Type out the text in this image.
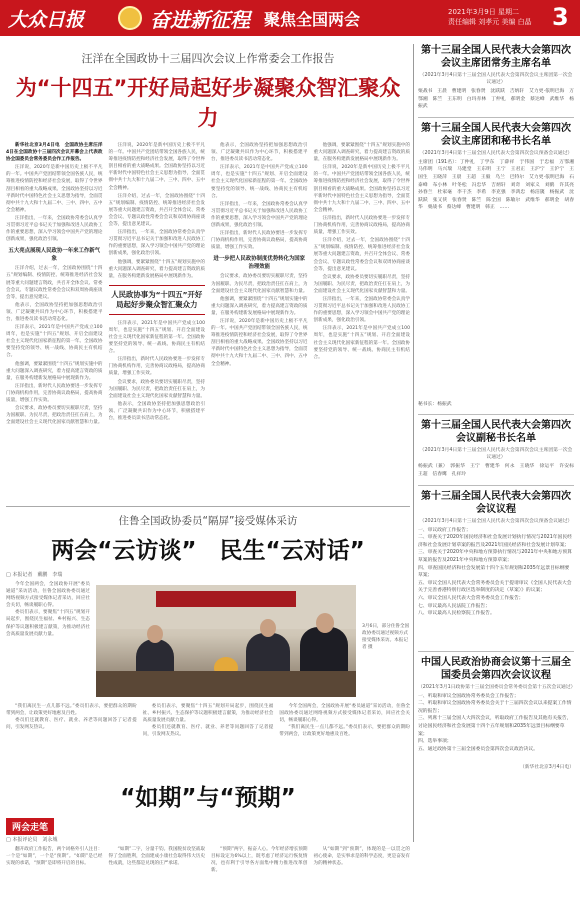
大众日报	奋进新征程 聚焦全国两会	2021年3月9日 星期二
责任编辑 刘孝元 美编 白晶 3
汪洋在全国政协十三届四次会议上作常委会工作报告
为“十四五”开好局起好步凝聚众智汇聚众力

新华社北京3月4日电　全国政协主席汪洋4日在全国政协十三届四次会议开幕会上代表政协全国委员会常务委员会作工作报告。

汪洋说，2020年是新中国历史上极不平凡的一年。中国共产党团结带领全国各族人民，统筹推进疫情防控和经济社会发展，取得了令世界刮目相看的重大战略成果。全国政协坚持以习近平新时代中国特色社会主义思想为指导，全面贯彻中共十九大和十九届二中、三中、四中、五中全会精神。

汪洋指出，一年来，全国政协常委会认真学习贯彻习近平总书记关于加强和改进人民政协工作的重要思想，深入学习领会中国共产党的理论创新成果，强化政治引领。

五大亮点展现人民政协一年来工作新气象

汪洋介绍，过去一年，全国政协围绕“十四五”规划编制、疫情防控、统筹推进经济社会发展等重大问题建言资政，共召开全体会议、常委会会议、专题议政性常委会会议和双周协商座谈会等，提出意见建议。

他表示，全国政协坚持把加强思想政治引领、广泛凝聚共识作为中心环节，积极搭建平台，推进委员读书活动常态化。

汪洋表示，2021年是中国共产党成立100周年，也是实施“十四五”规划、开启全面建设社会主义现代化国家新征程的第一年。全国政协要坚持党的领导、统一战线、协商民主有机结合。

他强调，要紧紧围绕“十四五”规划实施中的重大问题深入调查研究，着力提高建言资政的质量，在服务构建新发展格局中展现新作为。

汪洋指出，新时代人民政协要进一步发挥专门协商机构作用，完善协商议政格局，提高协商质量，增强工作实效。

会议要求，政协委员要切实履职尽责，坚持为国履职、为民尽责，把政治责任扛在肩上，为全面建设社会主义现代化国家贡献智慧和力量。

汪洋说，2020年是新中国历史上极不平凡的一年。中国共产党团结带领全国各族人民，统筹推进疫情防控和经济社会发展，取得了令世界刮目相看的重大战略成果。全国政协坚持以习近平新时代中国特色社会主义思想为指导，全面贯彻中共十九大和十九届二中、三中、四中、五中全会精神。

汪洋介绍，过去一年，全国政协围绕“十四五”规划编制、疫情防控、统筹推进经济社会发展等重大问题建言资政，共召开全体会议、常委会会议、专题议政性常委会会议和双周协商座谈会等，提出意见建议。

汪洋指出，一年来，全国政协常委会认真学习贯彻习近平总书记关于加强和改进人民政协工作的重要思想，深入学习领会中国共产党的理论创新成果，强化政治引领。

他强调，要紧紧围绕“十四五”规划实施中的重大问题深入调查研究，着力提高建言资政的质量，在服务构建新发展格局中展现新作为。

人民政协事为“十四五”开好局起好步聚众智汇聚众力

汪洋表示，2021年是中国共产党成立100周年，也是实施“十四五”规划、开启全面建设社会主义现代化国家新征程的第一年。全国政协要坚持党的领导、统一战线、协商民主有机结合。

汪洋指出，新时代人民政协要进一步发挥专门协商机构作用，完善协商议政格局，提高协商质量，增强工作实效。

会议要求，政协委员要切实履职尽责，坚持为国履职、为民尽责，把政治责任扛在肩上，为全面建设社会主义现代化国家贡献智慧和力量。

他表示，全国政协坚持把加强思想政治引领、广泛凝聚共识作为中心环节，积极搭建平台，推进委员读书活动常态化。

他表示，全国政协坚持把加强思想政治引领、广泛凝聚共识作为中心环节，积极搭建平台，推进委员读书活动常态化。

汪洋表示，2021年是中国共产党成立100周年，也是实施“十四五”规划、开启全面建设社会主义现代化国家新征程的第一年。全国政协要坚持党的领导、统一战线、协商民主有机结合。

汪洋指出，一年来，全国政协常委会认真学习贯彻习近平总书记关于加强和改进人民政协工作的重要思想，深入学习领会中国共产党的理论创新成果，强化政治引领。

汪洋指出，新时代人民政协要进一步发挥专门协商机构作用，完善协商议政格局，提高协商质量，增强工作实效。

进一步把人民政协制度优势转化为国家治理效能

会议要求，政协委员要切实履职尽责，坚持为国履职、为民尽责，把政治责任扛在肩上，为全面建设社会主义现代化国家贡献智慧和力量。

他强调，要紧紧围绕“十四五”规划实施中的重大问题深入调查研究，着力提高建言资政的质量，在服务构建新发展格局中展现新作为。

汪洋说，2020年是新中国历史上极不平凡的一年。中国共产党团结带领全国各族人民，统筹推进疫情防控和经济社会发展，取得了令世界刮目相看的重大战略成果。全国政协坚持以习近平新时代中国特色社会主义思想为指导，全面贯彻中共十九大和十九届二中、三中、四中、五中全会精神。

他强调，要紧紧围绕“十四五”规划实施中的重大问题深入调查研究，着力提高建言资政的质量，在服务构建新发展格局中展现新作为。

汪洋说，2020年是新中国历史上极不平凡的一年。中国共产党团结带领全国各族人民，统筹推进疫情防控和经济社会发展，取得了令世界刮目相看的重大战略成果。全国政协坚持以习近平新时代中国特色社会主义思想为指导，全面贯彻中共十九大和十九届二中、三中、四中、五中全会精神。

汪洋指出，新时代人民政协要进一步发挥专门协商机构作用，完善协商议政格局，提高协商质量，增强工作实效。

汪洋介绍，过去一年，全国政协围绕“十四五”规划编制、疫情防控、统筹推进经济社会发展等重大问题建言资政，共召开全体会议、常委会会议、专题议政性常委会会议和双周协商座谈会等，提出意见建议。

会议要求，政协委员要切实履职尽责，坚持为国履职、为民尽责，把政治责任扛在肩上，为全面建设社会主义现代化国家贡献智慧和力量。

汪洋指出，一年来，全国政协常委会认真学习贯彻习近平总书记关于加强和改进人民政协工作的重要思想，深入学习领会中国共产党的理论创新成果，强化政治引领。

汪洋表示，2021年是中国共产党成立100周年，也是实施“十四五”规划、开启全面建设社会主义现代化国家新征程的第一年。全国政协要坚持党的领导、统一战线、协商民主有机结合。

住鲁全国政协委员“隔屏”接受媒体采访
两会“云访谈”　民生“云对话”
□ 本报记者　戴鹏　李瑞

今年全国两会，全国政协开展“委员通道”采访活动，住鲁全国政协委员通过网络视频方式接受媒体记者采访，回应社会关切，畅谈履职心得。

委员们表示，要聚焦“十四五”规划开局起步，围绕民生福祉、乡村振兴、生态保护等议题积极建言献策，为推动经济社会高质量发展贡献力量。

3月6日，部分住鲁全国政协委员通过视频方式接受媒体采访。本报记者 摄

“我们离民生一点儿都不远。”委员们表示，要把群众的期盼带到两会，让政策更好地惠及百姓。

委员们还就教育、医疗、就业、养老等问题回答了记者提问，引发网友热议。

委员们表示，要聚焦“十四五”规划开局起步，围绕民生福祉、乡村振兴、生态保护等议题积极建言献策，为推动经济社会高质量发展贡献力量。

委员们还就教育、医疗、就业、养老等问题回答了记者提问，引发网友热议。

今年全国两会，全国政协开展“委员通道”采访活动，住鲁全国政协委员通过网络视频方式接受媒体记者采访，回应社会关切，畅谈履职心得。

“我们离民生一点儿都不远。”委员们表示，要把群众的期盼带到两会，让政策更好地惠及百姓。

“如期”与“预期”
两会走笔
□ 本报评论员　刘永城

翻开政府工作报告，两个词格外引人注目：一个是“如期”，一个是“预期”。“如期”是已经实现的承诺，“预期”是即将开启的目标。

“如期”二字，分量千钧。我国脱贫攻坚战取得了全面胜利，全面建成小康社会取得伟大历史性成就，这些都是兑现的庄严承诺。

“预期”两字，振奋人心。今年经济增长预期目标设定为6%以上，既考虑了经济运行恢复情况，也有利于引导各方面集中精力推进改革创新。

从“如期”到“预期”，体现的是一以贯之的初心使命，是实事求是的科学态度，更是奋发有为的精神状态。

第十三届全国人民代表大会第四次会议主席团常务主席名单
（2021年3月4日第十三届全国人民代表大会第四次会议主席团第一次会议通过）
栗战书　王晨　曹建明　张春贤　沈跃跃　吉炳轩　艾力更·依明巴海　万鄂湘　陈竺　王东明　白玛赤林　丁仲礼　郝明金　蔡达峰　武维华　杨振武
第十三届全国人民代表大会第四次会议主席团和秘书长名单
（2021年3月4日第十三届全国人民代表大会第四次会议预备会议通过）
主席团（191名）：丁仲礼　丁学东　丁薛祥　于伟国　于忠福　万鄂湘　马伟明　马兴瑞　马建堂　王东明　王宁　王君正　王沪宁　王沪宁　王国生　王晓萍　王晨　王超　王毅　乌兰　巴特尔　艾力更·依明巴海　石泰峰　布小林　叶冬松　冯忠华　吉炳轩　刘奇　刘家义　刘鹤　许其亮　孙春兰　杜家毫　李干杰　李希　李克强　李鸿忠　杨洁篪　杨振武　沈跃跃　张又侠　张春贤　陈竺　陈全国　陈敏尔　武维华　郝明金　胡春华　栗战书　蔡达峰　曹建明　韩正　……
秘书长：杨振武
第十三届全国人民代表大会第四次会议副秘书长名单
（2021年3月4日第十三届全国人民代表大会第四次会议主席团第一次会议通过）
杨振武（兼）　郭振华　王宁　曹建华　何永　王晓华　徐运平　许安标　王超　信春鹰　孔祥玲
第十三届全国人民代表大会第四次会议议程
（2021年3月4日第十三届全国人民代表大会第四次会议预备会议通过）
一、审议政府工作报告；
二、审查关于2020年国民经济和社会发展计划执行情况与2021年国民经济和社会发展计划草案的报告及2021年国民经济和社会发展计划草案；
三、审查关于2020年中央和地方预算执行情况与2021年中央和地方预算草案的报告及2021年中央和地方预算草案；
四、审查国民经济和社会发展第十四个五年规划和2035年远景目标纲要草案；
五、审议全国人民代表大会常务委员会关于提请审议《全国人民代表大会关于完善香港特别行政区选举制度的决定（草案）》的议案；
六、审议全国人民代表大会常务委员会工作报告；
七、审议最高人民法院工作报告；
八、审议最高人民检察院工作报告。
中国人民政治协商会议第十三届全国委员会第四次会议议程
（2021年3月1日政协第十三届全国委员会常务委员会第十五次会议通过）
一、听取和审议全国政协常务委员会工作报告；
二、听取和审议全国政协常务委员会关于十三届四次会议以来提案工作情况的报告；
三、列席十三届全国人大四次会议，听取政府工作报告及其他有关报告，讨论国民经济和社会发展第十四个五年规划和2035年远景目标纲要草案；
四、选举事项；
五、通过政协第十三届全国委员会第四次会议政治决议。
（新华社北京3月4日电）
